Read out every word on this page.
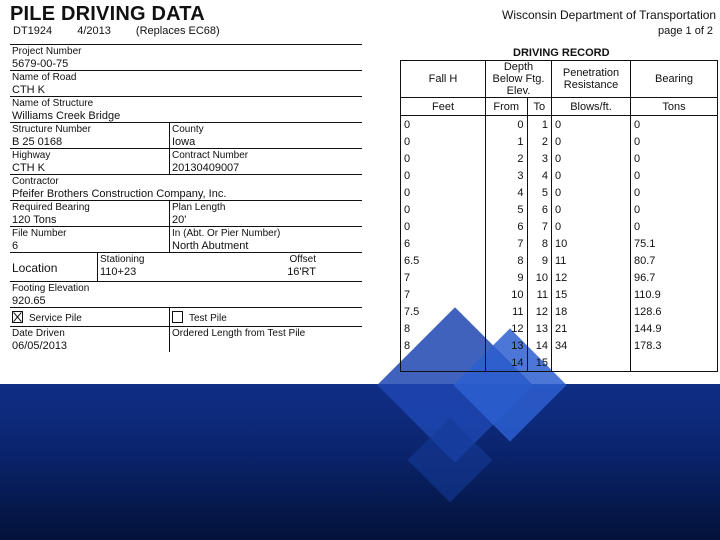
PILE DRIVING DATA
DT1924 4/2013 (Replaces EC68)
Wisconsin Department of Transportation
page 1 of 2
Project Number
5679-00-75
Name of Road
CTH K
Name of Structure
Williams Creek Bridge
Structure Number
B 25 0168
County
Iowa
Highway
CTH K
Contract Number
20130409007
Contractor
Pfeifer Brothers Construction Company, Inc.
Required Bearing
120 Tons
Plan Length
20'
File Number
6
In (Abt. Or Pier Number)
North Abutment
Location
Stationing
110+23
Offset
16'RT
Footing Elevation
920.65
Service Pile	Test Pile
Date Driven
06/05/2013
Ordered Length from Test Pile
DRIVING RECORD
Fall H	Depth Below Ftg. Elev.		Penetration Resistance	Bearing
Feet	From	To	Blows/ft.	Tons
0	0	1	0	0
0	1	2	0	0
0	2	3	0	0
0	3	4	0	0
0	4	5	0	0
0	5	6	0	0
0	6	7	0	0
6	7	8	10	75.1
6.5	8	9	11	80.7
7	9	10	12	96.7
7	10	11	15	110.9
7.5	11	12	18	128.6
8	12	13	21	144.9
8	13	14	34	178.3
	14	15		
